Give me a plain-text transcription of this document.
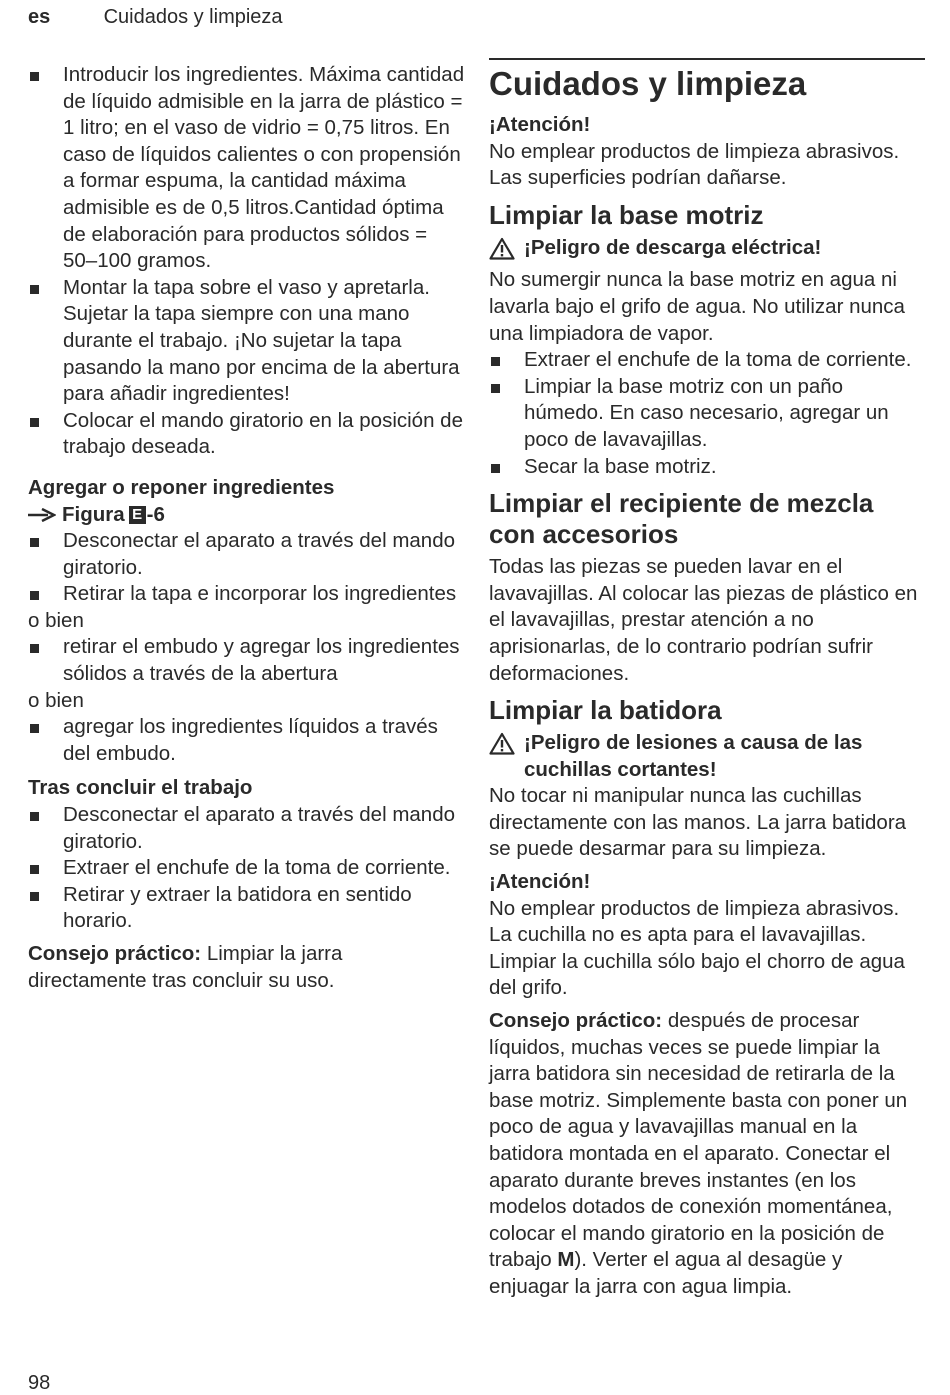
es	Cuidados y limpieza
Introducir los ingredientes. Máxima cantidad de líquido admisible en la jarra de plástico = 1 litro; en el vaso de vidrio = 0,75 litros. En caso de líquidos calientes o con propensión a formar espuma, la cantidad máxima admisible es de 0,5 litros.Cantidad óptima de elaboración para productos sólidos = 50–100 gramos.
Montar la tapa sobre el vaso y apretarla. Sujetar la tapa siempre con una mano durante el trabajo. ¡No sujetar la tapa pasando la mano por encima de la abertura para añadir ingredientes!
Colocar el mando giratorio en la posición de trabajo deseada.

Agregar o reponer ingredientes

Figura E -6
Desconectar el aparato a través del mando giratorio.
Retirar la tapa e incorporar los ingredientes

o bien

retirar el embudo y agregar los ingredientes sólidos a través de la abertura

o bien

agregar los ingredientes líquidos a través del embudo.

Tras concluir el trabajo

Desconectar el aparato a través del mando giratorio.
Extraer el enchufe de la toma de corriente.
Retirar y extraer la batidora en sentido horario.

Consejo práctico: Limpiar la jarra directamente tras concluir su uso.

Cuidados y limpieza

¡Atención!

No emplear productos de limpieza abrasivos. Las superficies podrían dañarse.

Limpiar la base motriz
¡Peligro de descarga eléctrica!

No sumergir nunca la base motriz en agua ni lavarla bajo el grifo de agua. No utilizar nunca una limpiadora de vapor.

Extraer el enchufe de la toma de corriente.
Limpiar la base motriz con un paño húmedo. En caso necesario, agregar un poco de lavavajillas.
Secar la base motriz.
Limpiar el recipiente de mezcla con accesorios

Todas las piezas se pueden lavar en el lavavajillas. Al colocar las piezas de plástico en el lavavajillas, prestar atención a no aprisionarlas, de lo contrario podrían sufrir deformaciones.

Limpiar la batidora
¡Peligro de lesiones a causa de las cuchillas cortantes!

No tocar ni manipular nunca las cuchillas directamente con las manos. La jarra batidora se puede desarmar para su limpieza.

¡Atención!

No emplear productos de limpieza abrasivos. La cuchilla no es apta para el lavavajillas. Limpiar la cuchilla sólo bajo el chorro de agua del grifo.

Consejo práctico: después de procesar líquidos, muchas veces se puede limpiar la jarra batidora sin necesidad de retirarla de la base motriz. Simplemente basta con poner un poco de agua y lavavajillas manual en la batidora montada en el aparato. Conectar el aparato durante breves instantes (en los modelos dotados de conexión momentánea, colocar el mando giratorio en la posición de trabajo M). Verter el agua al desagüe y enjuagar la jarra con agua limpia.

98
